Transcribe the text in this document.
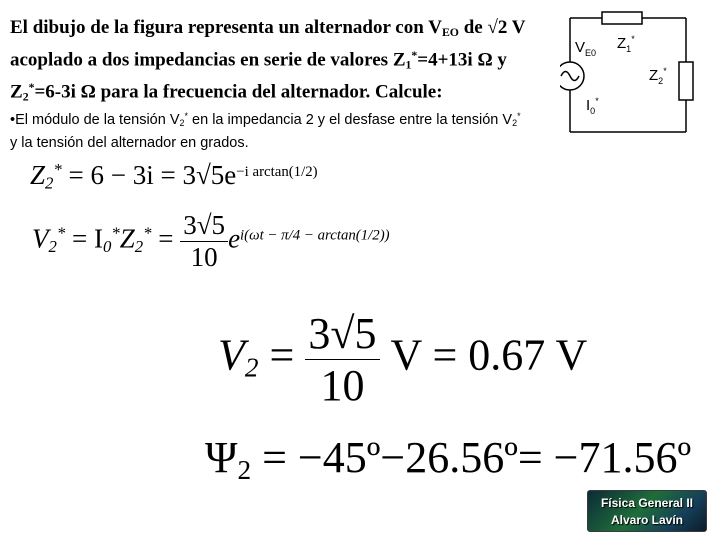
El dibujo de la figura representa un alternador con $V_{EO}$ de √2 V
acoplado a dos impedancias en serie de valores $Z_1^*=4+13i$ Ω y
$Z_2^*=6-3i$ Ω para la frecuencia del alternador. Calcule:
$V_{E0}$
$Z_1^*$
$Z_2^*$
$I_0^*$
•El módulo de la tensión $V_2^*$ en la impedancia 2 y el desfase entre la tensión $V_2^*$ y la tensión del alternador en grados.
$Z_2^* = 6 - 3i = 3√5e^{-i arctan(1/2)}$
$V_2^* = I_0^*Z_2^* = \frac{3√5}{10} e^{i(\omega t - \pi/4 - arctan(1/2))}$
$V_2 = \frac{3√5}{10}$ V = 0.67 V
$\Psi_2$ = −45º−26.56º= −71.56º
Física General II
Alvaro Lavín
